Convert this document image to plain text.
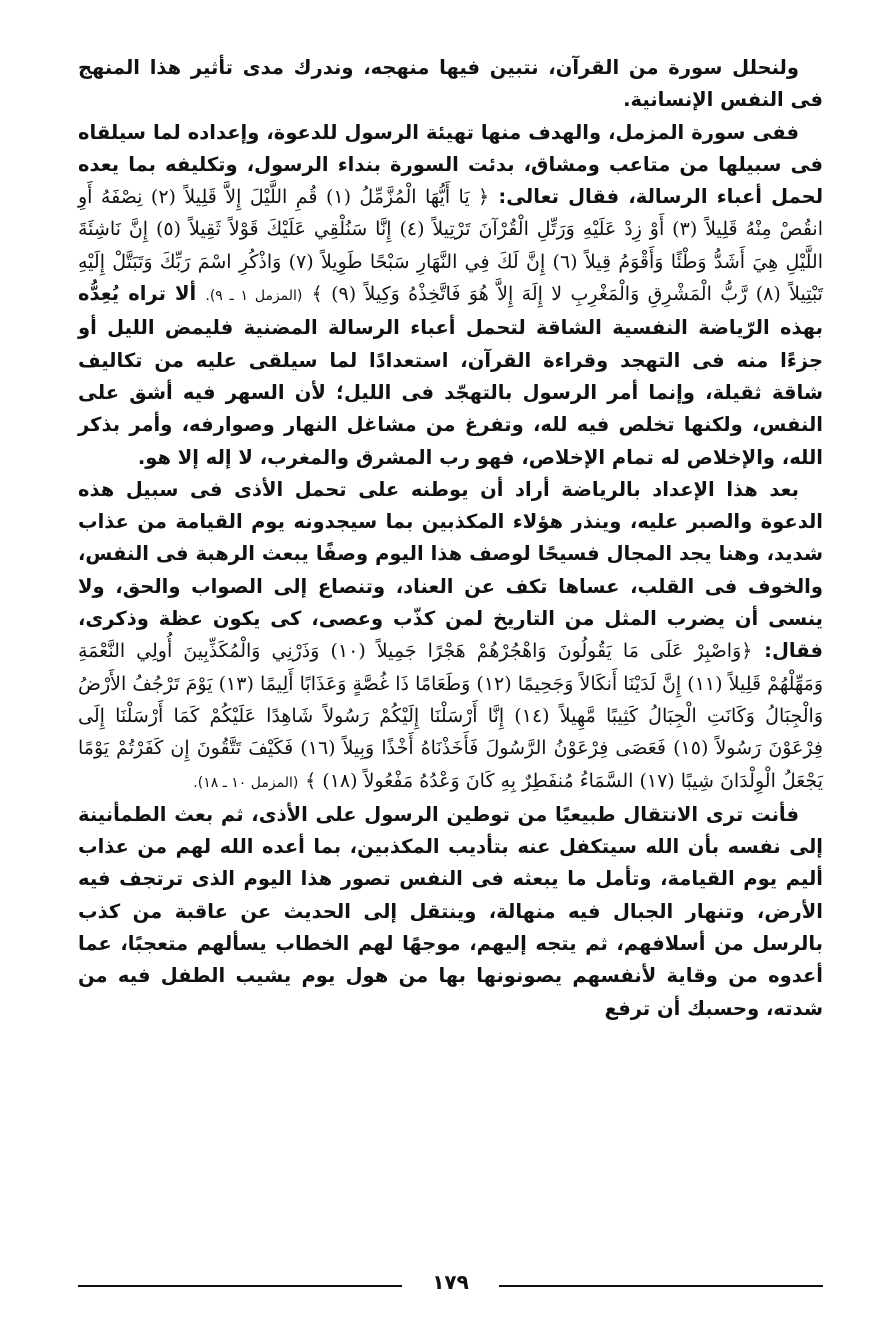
ولنحلل سورة من القرآن، نتبين فيها منهجه، وندرك مدى تأثير هذا المنهج فى النفس الإنسانية.

ففى سورة المزمل، والهدف منها تهيئة الرسول للدعوة، وإعداده لما سيلقاه فى سبيلها من متاعب ومشاق، بدئت السورة بنداء الرسول، وتكليفه بما يعده لحمل أعباء الرسالة، فقال تعالى: ﴿ يَا أَيُّهَا الْمُزَّمِّلُ (١) قُمِ اللَّيْلَ إِلاَّ قَلِيلاً (٢) نِصْفَهُ أَوِ انقُصْ مِنْهُ قَلِيلاً (٣) أَوْ زِدْ عَلَيْهِ وَرَتِّلِ الْقُرْآنَ تَرْتِيلاً (٤) إِنَّا سَنُلْقِي عَلَيْكَ قَوْلاً ثَقِيلاً (٥) إِنَّ نَاشِئَةَ اللَّيْلِ هِيَ أَشَدُّ وَطْئًا وَأَقْوَمُ قِيلاً (٦) إِنَّ لَكَ فِي النَّهَارِ سَبْحًا طَوِيلاً (٧) وَاذْكُرِ اسْمَ رَبِّكَ وَتَبَتَّلْ إِلَيْهِ تَبْتِيلاً (٨) رَّبُّ الْمَشْرِقِ وَالْمَغْرِبِ لا إِلَهَ إِلاَّ هُوَ فَاتَّخِذْهُ وَكِيلاً (٩) ﴾ (المزمل ١ ـ ٩). ألا تراه يُعِدُّه بهذه الرّياضة النفسية الشاقة لتحمل أعباء الرسالة المضنية فليمض الليل أو جزءًا منه فى التهجد وقراءة القرآن، استعدادًا لما سيلقى عليه من تكاليف شاقة ثقيلة، وإنما أمر الرسول بالتهجّد فى الليل؛ لأن السهر فيه أشق على النفس، ولكنها تخلص فيه لله، وتفرغ من مشاغل النهار وصوارفه، وأمر بذكر الله، والإخلاص له تمام الإخلاص، فهو رب المشرق والمغرب، لا إله إلا هو.

بعد هذا الإعداد بالرياضة أراد أن يوطنه على تحمل الأذى فى سبيل هذه الدعوة والصبر عليه، وينذر هؤلاء المكذبين بما سيجدونه يوم القيامة من عذاب شديد، وهنا يجد المجال فسيحًا لوصف هذا اليوم وصفًا يبعث الرهبة فى النفس، والخوف فى القلب، عساها تكف عن العناد، وتنصاع إلى الصواب والحق، ولا ينسى أن يضرب المثل من التاريخ لمن كذّب وعصى، كى يكون عظة وذكرى، فقال: ﴿وَاصْبِرْ عَلَى مَا يَقُولُونَ وَاهْجُرْهُمْ هَجْرًا جَمِيلاً (١٠) وَذَرْنِي وَالْمُكَذِّبِينَ أُولِي النَّعْمَةِ وَمَهِّلْهُمْ قَلِيلاً (١١) إِنَّ لَدَيْنَا أَنكَالاً وَجَحِيمًا (١٢) وَطَعَامًا ذَا غُصَّةٍ وَعَذَابًا أَلِيمًا (١٣) يَوْمَ تَرْجُفُ الأَرْضُ وَالْجِبَالُ وَكَانَتِ الْجِبَالُ كَثِيبًا مَّهِيلاً (١٤) إِنَّا أَرْسَلْنَا إِلَيْكُمْ رَسُولاً شَاهِدًا عَلَيْكُمْ كَمَا أَرْسَلْنَا إِلَى فِرْعَوْنَ رَسُولاً (١٥) فَعَصَى فِرْعَوْنُ الرَّسُولَ فَأَخَذْنَاهُ أَخْذًا وَبِيلاً (١٦) فَكَيْفَ تَتَّقُونَ إِن كَفَرْتُمْ يَوْمًا يَجْعَلُ الْوِلْدَانَ شِيبًا (١٧) السَّمَاءُ مُنفَطِرٌ بِهِ كَانَ وَعْدُهُ مَفْعُولاً (١٨) ﴾ (المزمل ١٠ ـ ١٨).

فأنت ترى الانتقال طبيعيًا من توطين الرسول على الأذى، ثم بعث الطمأنينة إلى نفسه بأن الله سيتكفل عنه بتأديب المكذبين، بما أعده الله لهم من عذاب أليم يوم القيامة، وتأمل ما يبعثه فى النفس تصور هذا اليوم الذى ترتجف فيه الأرض، وتنهار الجبال فيه منهالة، وينتقل إلى الحديث عن عاقبة من كذب بالرسل من أسلافهم، ثم يتجه إليهم، موجهًا لهم الخطاب يسألهم متعجبًا، عما أعدوه من وقاية لأنفسهم يصونونها بها من هول يوم يشيب الطفل فيه من شدته، وحسبك أن ترفع

١٧٩
